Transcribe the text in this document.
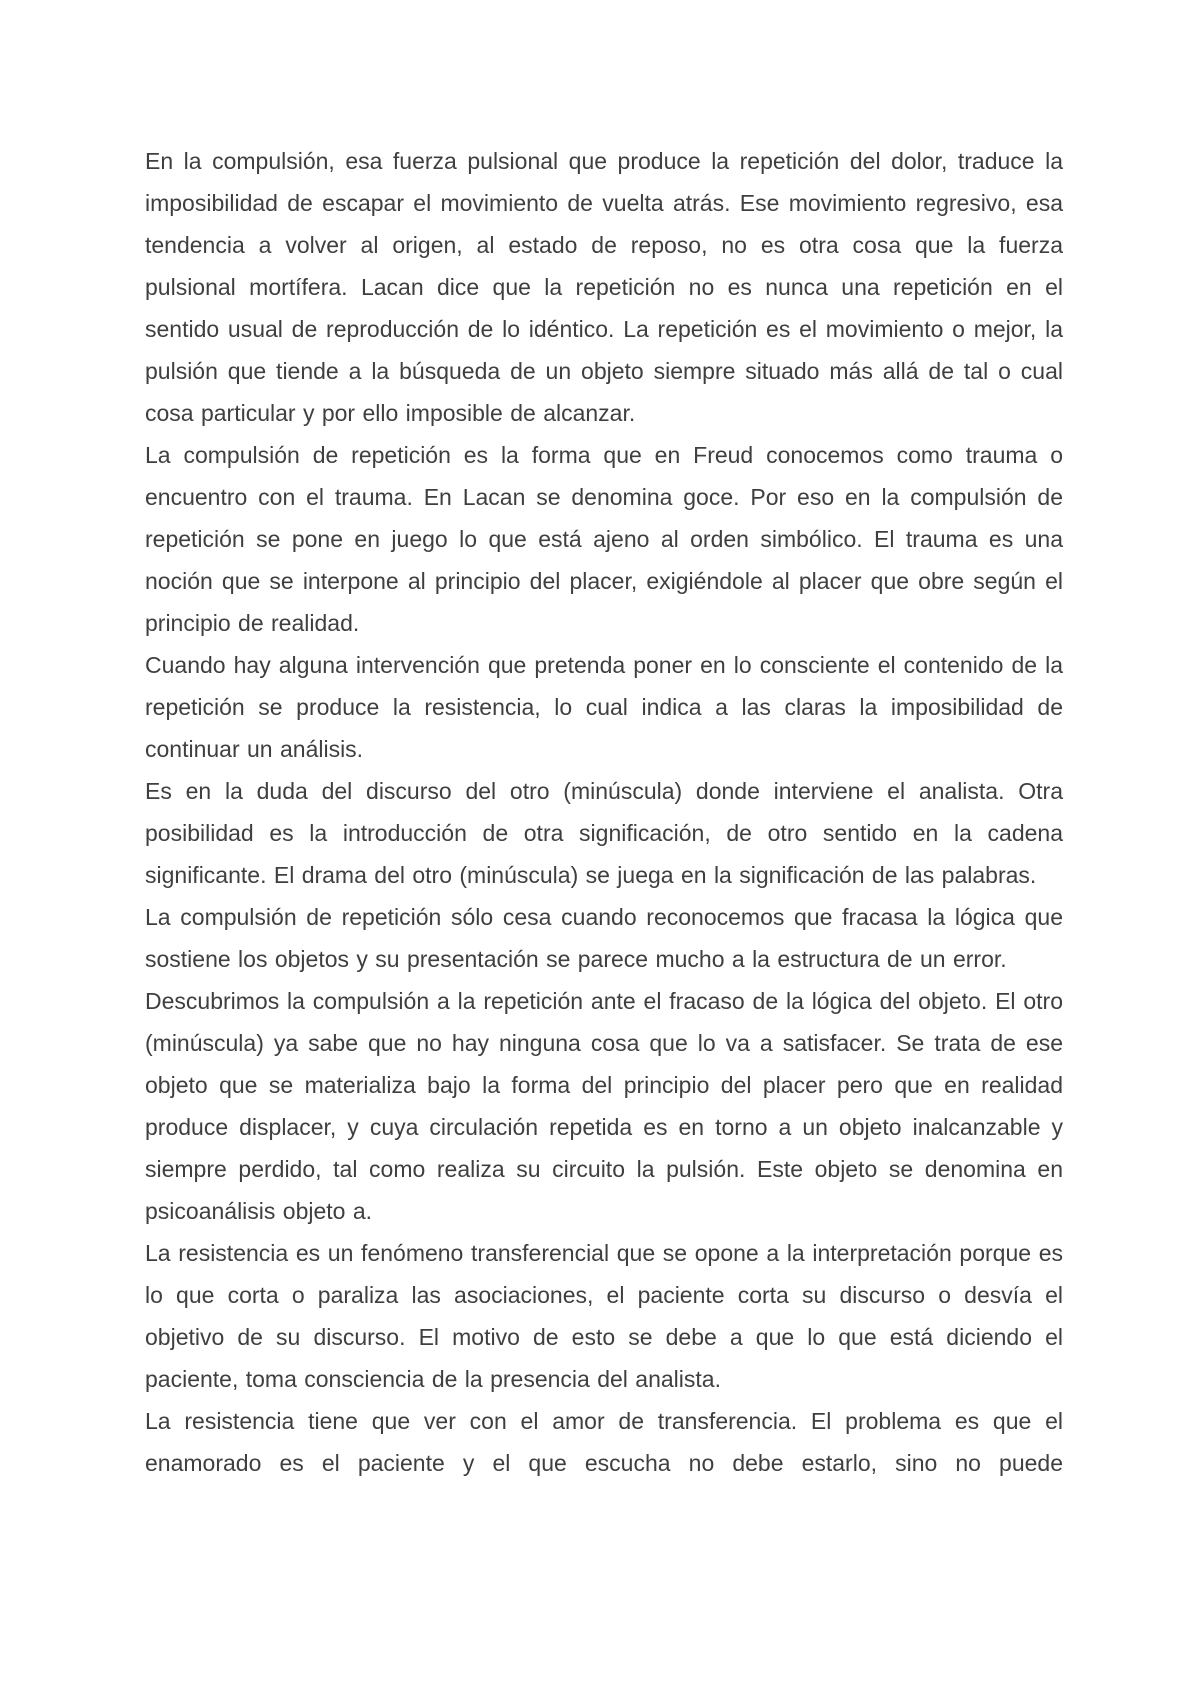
En la compulsión, esa fuerza pulsional que produce la repetición del dolor, traduce la imposibilidad de escapar el movimiento de vuelta atrás. Ese movimiento regresivo, esa tendencia a volver al origen, al estado de reposo, no es otra cosa que la fuerza pulsional mortífera. Lacan dice que la repetición no es nunca una repetición en el sentido usual de reproducción de lo idéntico. La repetición es el movimiento o mejor, la pulsión que tiende a la búsqueda de un objeto siempre situado más allá de tal o cual cosa particular y por ello imposible de alcanzar.

La compulsión de repetición es la forma que en Freud conocemos como trauma o encuentro con el trauma. En Lacan se denomina goce. Por eso en la compulsión de repetición se pone en juego lo que está ajeno al orden simbólico. El trauma es una noción que se interpone al principio del placer, exigiéndole al placer que obre según el principio de realidad.

Cuando hay alguna intervención que pretenda poner en lo consciente el contenido de la repetición se produce la resistencia, lo cual indica a las claras la imposibilidad de continuar un análisis.

Es en la duda del discurso del otro (minúscula) donde interviene el analista. Otra posibilidad es la introducción de otra significación, de otro sentido en la cadena significante. El drama del otro (minúscula) se juega en la significación de las palabras.

La compulsión de repetición sólo cesa cuando reconocemos que fracasa la lógica que sostiene los objetos y su presentación se parece mucho a la estructura de un error.

Descubrimos la compulsión a la repetición ante el fracaso de la lógica del objeto. El otro (minúscula) ya sabe que no hay ninguna cosa que lo va a satisfacer. Se trata de ese objeto que se materializa bajo la forma del principio del placer pero que en realidad produce displacer, y cuya circulación repetida es en torno a un objeto inalcanzable y siempre perdido, tal como realiza su circuito la pulsión. Este objeto se denomina en psicoanálisis objeto a.

La resistencia es un fenómeno transferencial que se opone a la interpretación porque es lo que corta o paraliza las asociaciones, el paciente corta su discurso o desvía el objetivo de su discurso. El motivo de esto se debe a que lo que está diciendo el paciente, toma consciencia de la presencia del analista.

La resistencia tiene que ver con el amor de transferencia. El problema es que el enamorado es el paciente y el que escucha no debe estarlo, sino no puede
